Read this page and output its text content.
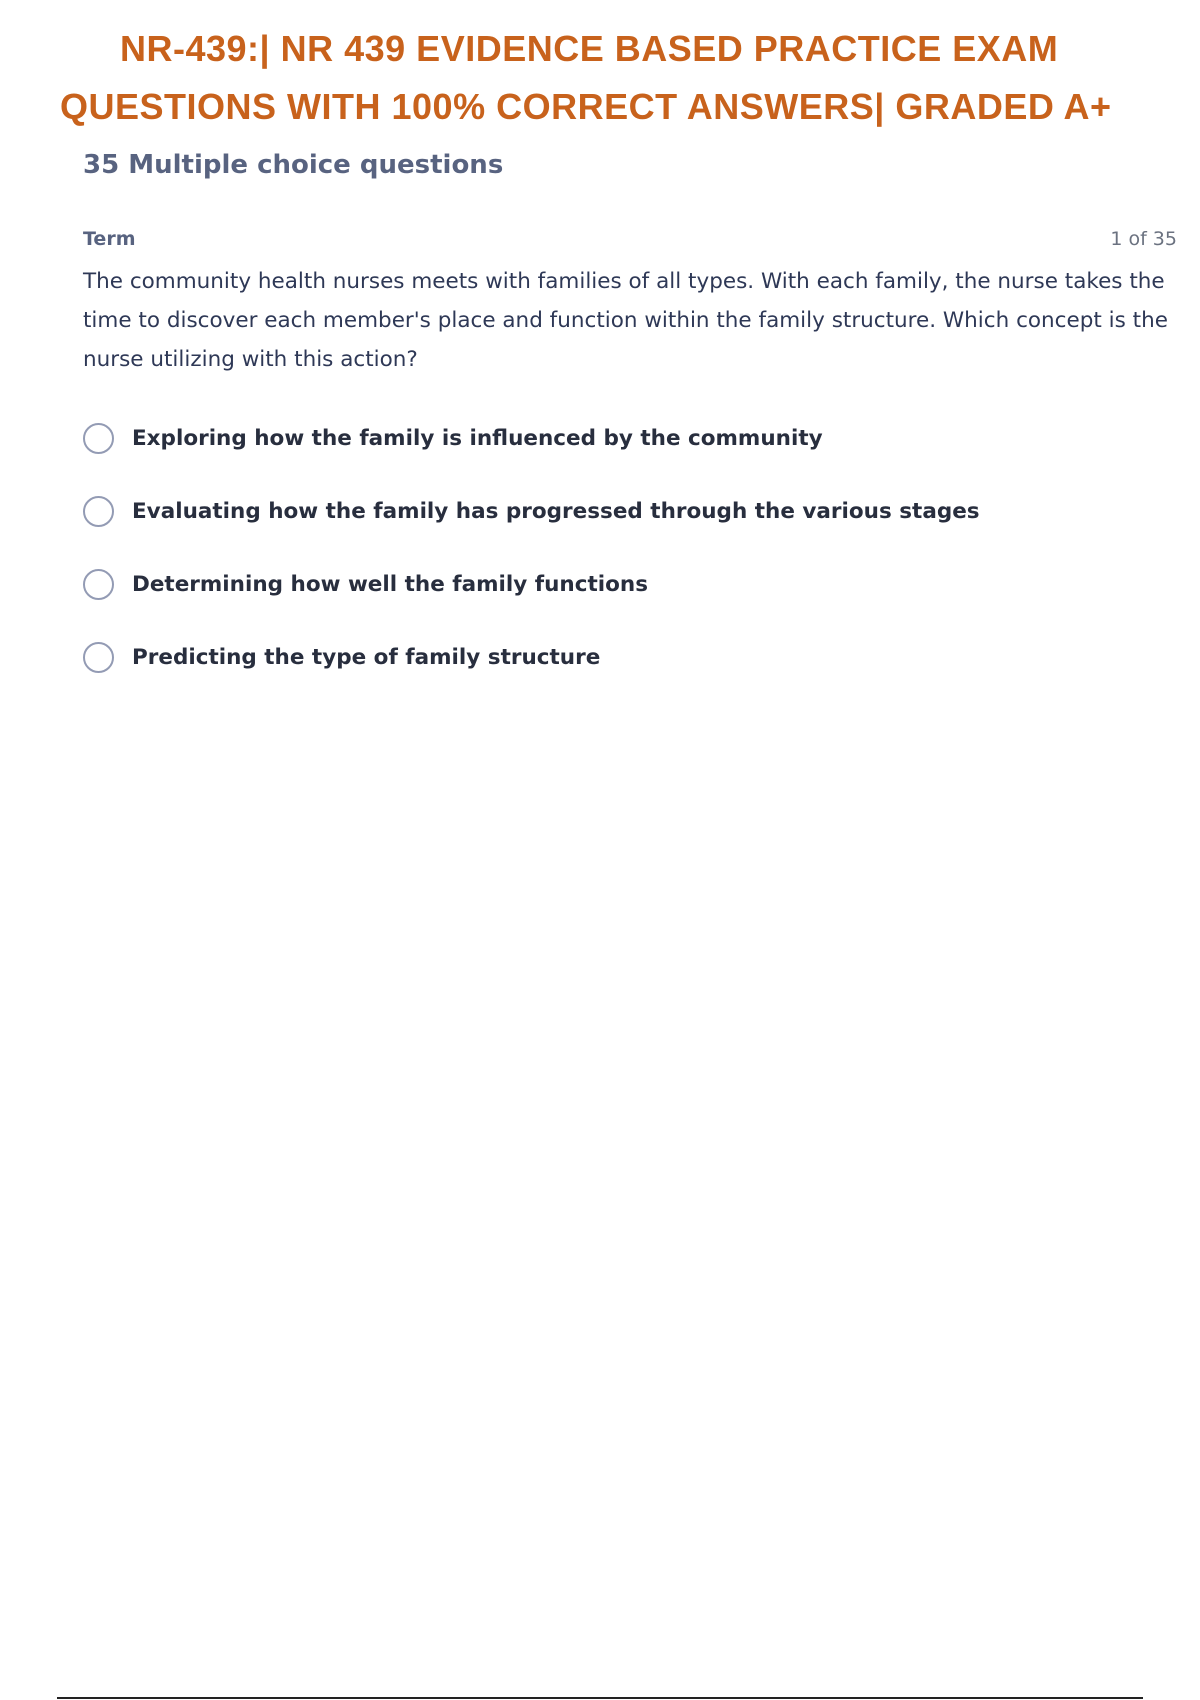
NR-439:| NR 439 EVIDENCE BASED PRACTICE EXAM
QUESTIONS WITH 100% CORRECT ANSWERS| GRADED A+
35 Multiple choice questions
Term	1 of 35

The community health nurses meets with families of all types. With each family, the nurse takes the time to discover each member's place and function within the family structure. Which concept is the nurse utilizing with this action?

Exploring how the family is influenced by the community
Evaluating how the family has progressed through the various stages
Determining how well the family functions
Predicting the type of family structure
